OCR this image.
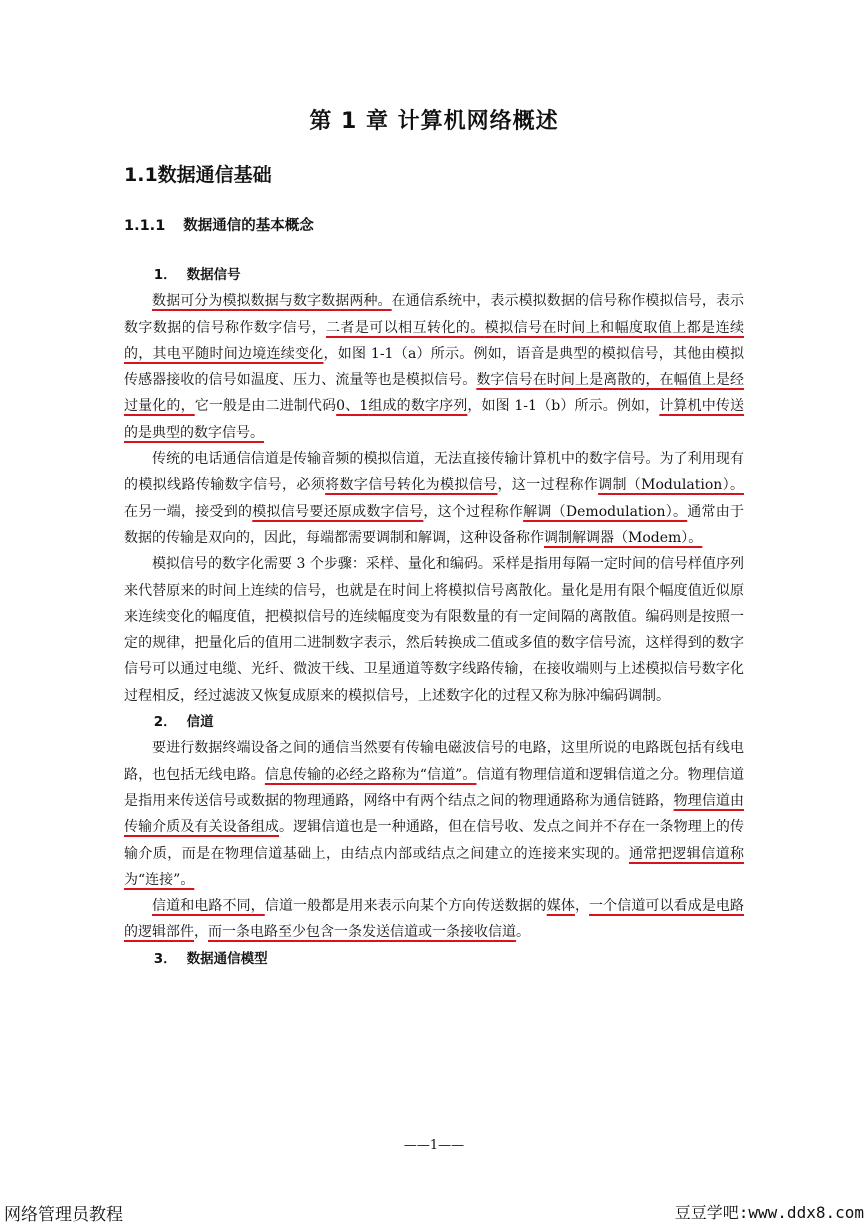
第 1 章 计算机网络概述
1.1数据通信基础
1.1.1 数据通信的基本概念

1． 数据信号

数据可分为模拟数据与数字数据两种。在通信系统中，表示模拟数据的信号称作模拟信号，表示数字数据的信号称作数字信号，二者是可以相互转化的。模拟信号在时间上和幅度取值上都是连续的，其电平随时间边境连续变化，如图 1-1（a）所示。例如，语音是典型的模拟信号，其他由模拟传感器接收的信号如温度、压力、流量等也是模拟信号。数字信号在时间上是离散的，在幅值上是经过量化的，它一般是由二进制代码0、1组成的数字序列，如图 1-1（b）所示。例如，计算机中传送的是典型的数字信号。

传统的电话通信信道是传输音频的模拟信道，无法直接传输计算机中的数字信号。为了利用现有的模拟线路传输数字信号，必须将数字信号转化为模拟信号，这一过程称作调制（Modulation）。在另一端，接受到的模拟信号要还原成数字信号，这个过程称作解调（Demodulation）。通常由于数据的传输是双向的，因此，每端都需要调制和解调，这种设备称作调制解调器（Modem）。

模拟信号的数字化需要 3 个步骤：采样、量化和编码。采样是指用每隔一定时间的信号样值序列来代替原来的时间上连续的信号，也就是在时间上将模拟信号离散化。量化是用有限个幅度值近似原来连续变化的幅度值，把模拟信号的连续幅度变为有限数量的有一定间隔的离散值。编码则是按照一定的规律，把量化后的值用二进制数字表示，然后转换成二值或多值的数字信号流，这样得到的数字信号可以通过电缆、光纤、微波干线、卫星通道等数字线路传输，在接收端则与上述模拟信号数字化过程相反，经过滤波又恢复成原来的模拟信号，上述数字化的过程又称为脉冲编码调制。

2． 信道

要进行数据终端设备之间的通信当然要有传输电磁波信号的电路，这里所说的电路既包括有线电路，也包括无线电路。信息传输的必经之路称为“信道”。信道有物理信道和逻辑信道之分。物理信道是指用来传送信号或数据的物理通路，网络中有两个结点之间的物理通路称为通信链路，物理信道由传输介质及有关设备组成。逻辑信道也是一种通路，但在信号收、发点之间并不存在一条物理上的传输介质，而是在物理信道基础上，由结点内部或结点之间建立的连接来实现的。通常把逻辑信道称为“连接”。

信道和电路不同，信道一般都是用来表示向某个方向传送数据的媒体，一个信道可以看成是电路的逻辑部件，而一条电路至少包含一条发送信道或一条接收信道。

3． 数据通信模型

——1——
网络管理员教程	豆豆学吧:www.ddx8.com
